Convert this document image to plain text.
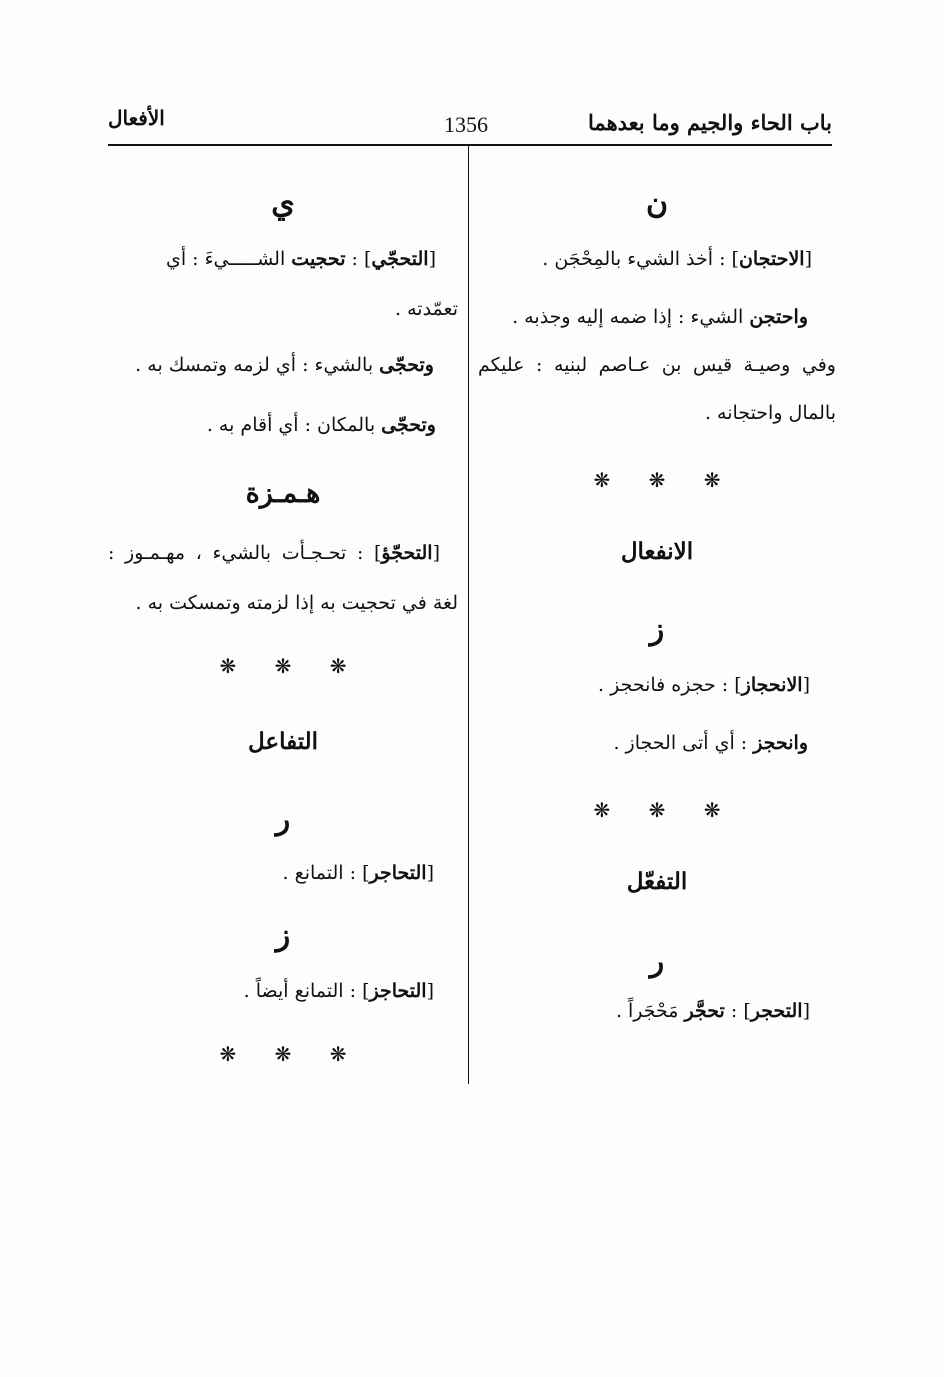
باب الحاء والجيم وما بعدهما
1356
الأفعال
ن
[الاحتجان] : أخذ الشيء بالمِحْجَن .
واحتجن الشيء : إذا ضمه إليه وجذبه .
وفي وصيـة قيس بن عـاصم لبنيه : عليكم
بالمال واحتجانه .
❋ ❋ ❋
الانفعال
ز
[الانحجاز] : حجزه فانحجز .
وانحجز : أي أتى الحجاز .
❋ ❋ ❋
التفعّل
ر
[التحجر] : تحجَّر مَحْجَراً .
ي
[التحجّي] : تحجيت الشـــــيءَ : أي
تعمّدته .
وتحجّى بالشيء : أي لزمه وتمسك به .
وتحجّى بالمكان : أي أقام به .
هـمـزة
[التحجّؤ] : تحـجـأت بالشيء ، مهـمـوز :
لغة في تحجيت به إذا لزمته وتمسكت به .
❋ ❋ ❋
التفاعل
ر
[التحاجر] : التمانع .
ز
[التحاجز] : التمانع أيضاً .
❋ ❋ ❋
